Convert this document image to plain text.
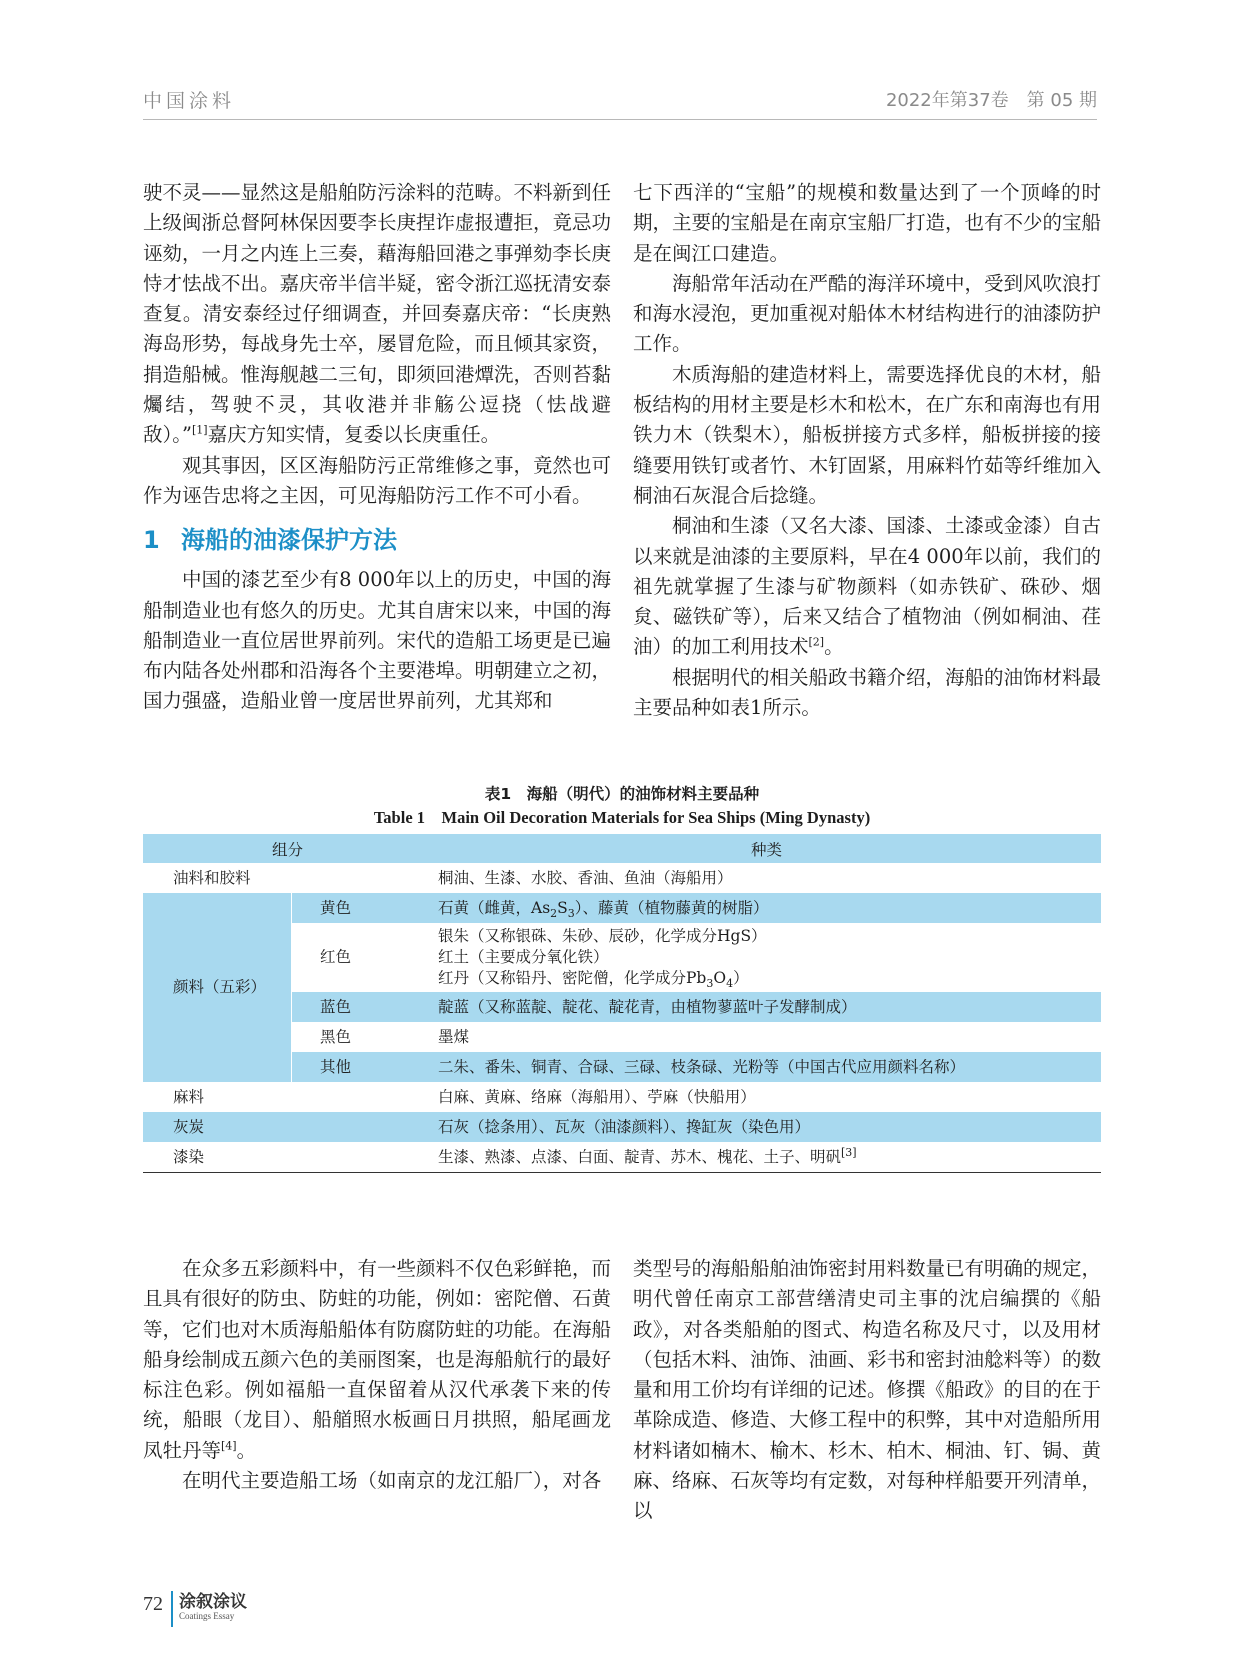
中国涂料	2022年第37卷　第 05 期

驶不灵——显然这是船舶防污涂料的范畴。不料新到任上级闽浙总督阿林保因要李长庚捏诈虚报遭拒，竟忌功诬劾，一月之内连上三奏，藉海船回港之事弹劾李长庚恃才怯战不出。嘉庆帝半信半疑，密令浙江巡抚清安泰查复。清安泰经过仔细调查，并回奏嘉庆帝：“长庚熟海岛形势，每战身先士卒，屡冒危险，而且倾其家资，捐造船械。惟海舰越二三旬，即须回港燂洗，否则苔黏爥结，驾驶不灵，其收港并非觞公逗挠（怯战避敌）。”[1]嘉庆方知实情，复委以长庚重任。

观其事因，区区海船防污正常维修之事，竟然也可作为诬告忠将之主因，可见海船防污工作不可小看。

1 海船的油漆保护方法

中国的漆艺至少有8 000年以上的历史，中国的海船制造业也有悠久的历史。尤其自唐宋以来，中国的海船制造业一直位居世界前列。宋代的造船工场更是已遍布内陆各处州郡和沿海各个主要港埠。明朝建立之初，国力强盛，造船业曾一度居世界前列，尤其郑和

七下西洋的“宝船”的规模和数量达到了一个顶峰的时期，主要的宝船是在南京宝船厂打造，也有不少的宝船是在闽江口建造。

海船常年活动在严酷的海洋环境中，受到风吹浪打和海水浸泡，更加重视对船体木材结构进行的油漆防护工作。

木质海船的建造材料上，需要选择优良的木材，船板结构的用材主要是杉木和松木，在广东和南海也有用铁力木（铁梨木），船板拼接方式多样，船板拼接的接缝要用铁钉或者竹、木钉固紧，用麻料竹茹等纤维加入桐油石灰混合后捻缝。

桐油和生漆（又名大漆、国漆、土漆或金漆）自古以来就是油漆的主要原料，早在4 000年以前，我们的祖先就掌握了生漆与矿物颜料（如赤铁矿、硃砂、烟炱、磁铁矿等），后来又结合了植物油（例如桐油、荏油）的加工利用技术[2]。

根据明代的相关船政书籍介绍，海船的油饰材料最主要品种如表1所示。

表1　海船（明代）的油饰材料主要品种
Table 1　Main Oil Decoration Materials for Sea Ships (Ming Dynasty)
组分		种类
油料和胶料		桐油、生漆、水胶、香油、鱼油（海船用）
颜料（五彩）	黄色	石黄（雌黄，$As_2S_3$）、藤黄（植物藤黄的树脂）
	红色	银朱（又称银硃、朱砂、辰砂，化学成分HgS）
红土（主要成分氧化铁）
红丹（又称铅丹、密陀僧，化学成分$Pb_3O_4$）

	蓝色	靛蓝（又称蓝靛、靛花、靛花青，由植物蓼蓝叶子发酵制成）
	黑色	墨煤
	其他	二朱、番朱、铜青、合碌、三碌、枝条碌、光粉等（中国古代应用颜料名称）
麻料		白麻、黄麻、络麻（海船用）、苧麻（快船用）
灰炭		石灰（捻条用）、瓦灰（油漆颜料）、搀缸灰（染色用）
漆染		生漆、熟漆、点漆、白面、靛青、苏木、槐花、土子、明矾[3]

在众多五彩颜料中，有一些颜料不仅色彩鲜艳，而且具有很好的防虫、防蛀的功能，例如：密陀僧、石黄等，它们也对木质海船船体有防腐防蛀的功能。在海船船身绘制成五颜六色的美丽图案，也是海船航行的最好标注色彩。例如福船一直保留着从汉代承袭下来的传统，船眼（龙目）、船艏照水板画日月拱照，船尾画龙凤牡丹等[4]。

在明代主要造船工场（如南京的龙江船厂），对各

类型号的海船船舶油饰密封用料数量已有明确的规定，明代曾任南京工部营缮清史司主事的沈启编撰的《船政》，对各类船舶的图式、构造名称及尺寸，以及用材（包括木料、油饰、油画、彩书和密封油艌料等）的数量和用工价均有详细的记述。修撰《船政》的目的在于革除成造、修造、大修工程中的积弊，其中对造船所用材料诸如楠木、榆木、杉木、柏木、桐油、钉、锔、黄麻、络麻、石灰等均有定数，对每种样船要开列清单，以

72 涂叙涂议
Coatings Essay
